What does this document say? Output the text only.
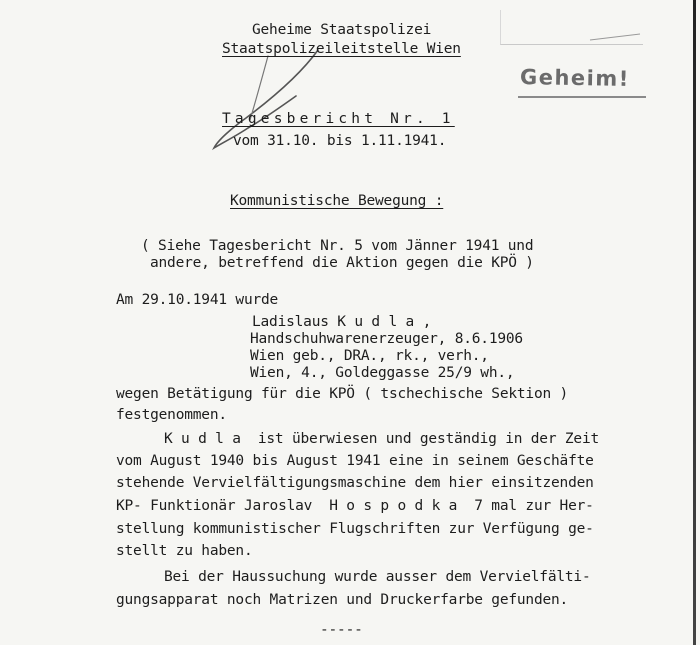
Geheime Staatspolizei
Staatspolizeileitstelle Wien
Geheim!
Tagesbericht Nr. 1
vom 31.10. bis 1.11.1941.
Kommunistische Bewegung :
( Siehe Tagesbericht Nr. 5 vom Jänner 1941 und
andere, betreffend die Aktion gegen die KPÖ )
Am 29.10.1941 wurde
Ladislaus K u d l a ,
Handschuhwarenerzeuger, 8.6.1906
Wien geb., DRA., rk., verh.,
Wien, 4., Goldeggasse 25/9 wh.,
wegen Betätigung für die KPÖ ( tschechische Sektion )
festgenommen.
K u d l a  ist überwiesen und geständig in der Zeit
vom August 1940 bis August 1941 eine in seinem Geschäfte
stehende Vervielfältigungsmaschine dem hier einsitzenden
KP- Funktionär Jaroslav  H o s p o d k a  7 mal zur Her-
stellung kommunistischer Flugschriften zur Verfügung ge-
stellt zu haben.
Bei der Haussuchung wurde ausser dem Vervielfälti-
gungsapparat noch Matrizen und Druckerfarbe gefunden.
-----
